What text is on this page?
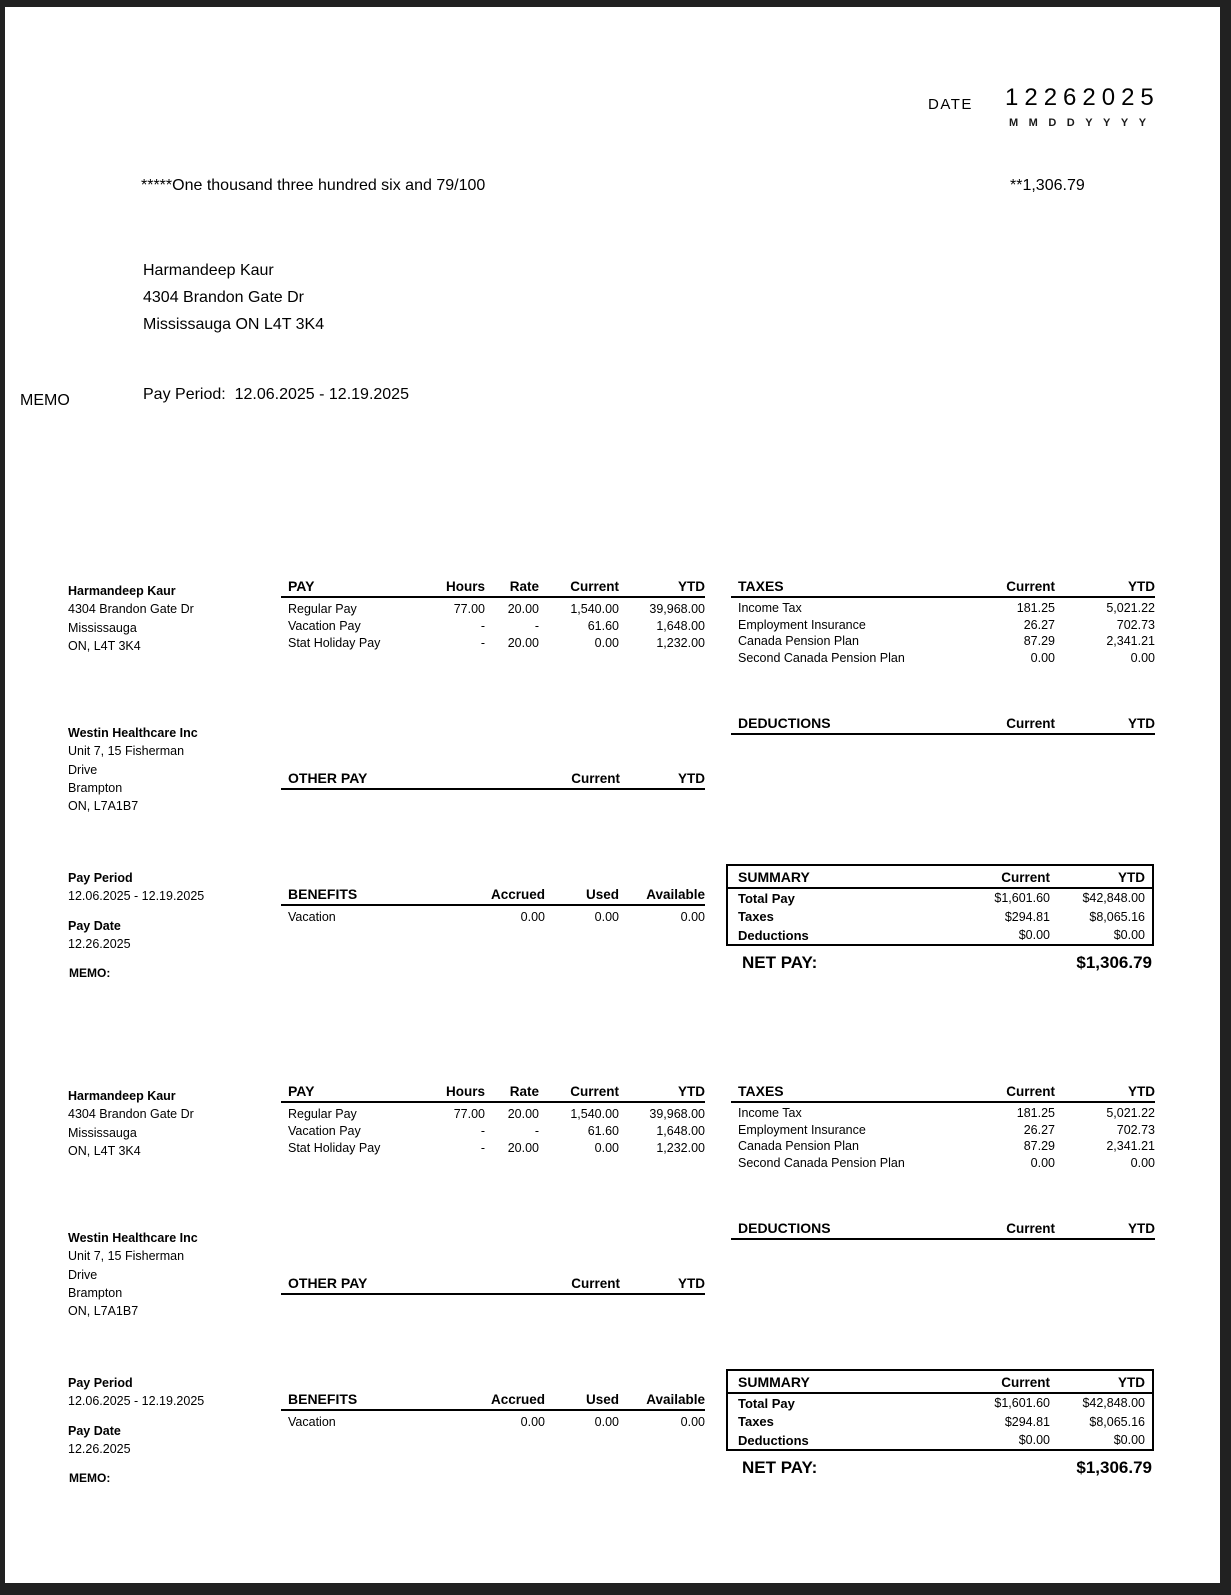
DATE 12262025
MMDDYYYY
*****One thousand three hundred six and 79/100	**1,306.79
Harmandeep Kaur
4304 Brandon Gate Dr
Mississauga ON L4T 3K4
MEMO	Pay Period:  12.06.2025 - 12.19.2025
Harmandeep Kaur
4304 Brandon Gate Dr
Mississauga
ON, L4T 3K4
Westin Healthcare Inc
Unit 7, 15 Fisherman
Drive
Brampton
ON, L7A1B7
Pay Period
12.06.2025 - 12.19.2025
Pay Date
12.26.2025
MEMO:
PAY	Hours	Rate	Current	YTD
Regular Pay	77.00	20.00	1,540.00	39,968.00
Vacation Pay	-	-	61.60	1,648.00
Stat Holiday Pay	-	20.00	0.00	1,232.00
TAXES	Current	YTD
Income Tax	181.25	5,021.22
Employment Insurance	26.27	702.73
Canada Pension Plan	87.29	2,341.21
Second Canada Pension Plan	0.00	0.00
DEDUCTIONS	Current	YTD
OTHER PAY	Current	YTD
BENEFITS	Accrued	Used	Available
Vacation	0.00	0.00	0.00
SUMMARY	Current	YTD
Total Pay	$1,601.60	$42,848.00
Taxes	$294.81	$8,065.16
Deductions	$0.00	$0.00
NET PAY:	$1,306.79
Harmandeep Kaur
4304 Brandon Gate Dr
Mississauga
ON, L4T 3K4
Westin Healthcare Inc
Unit 7, 15 Fisherman
Drive
Brampton
ON, L7A1B7
Pay Period
12.06.2025 - 12.19.2025
Pay Date
12.26.2025
MEMO:
PAY	Hours	Rate	Current	YTD
Regular Pay	77.00	20.00	1,540.00	39,968.00
Vacation Pay	-	-	61.60	1,648.00
Stat Holiday Pay	-	20.00	0.00	1,232.00
TAXES	Current	YTD
Income Tax	181.25	5,021.22
Employment Insurance	26.27	702.73
Canada Pension Plan	87.29	2,341.21
Second Canada Pension Plan	0.00	0.00
DEDUCTIONS	Current	YTD
OTHER PAY	Current	YTD
BENEFITS	Accrued	Used	Available
Vacation	0.00	0.00	0.00
SUMMARY	Current	YTD
Total Pay	$1,601.60	$42,848.00
Taxes	$294.81	$8,065.16
Deductions	$0.00	$0.00
NET PAY:	$1,306.79
